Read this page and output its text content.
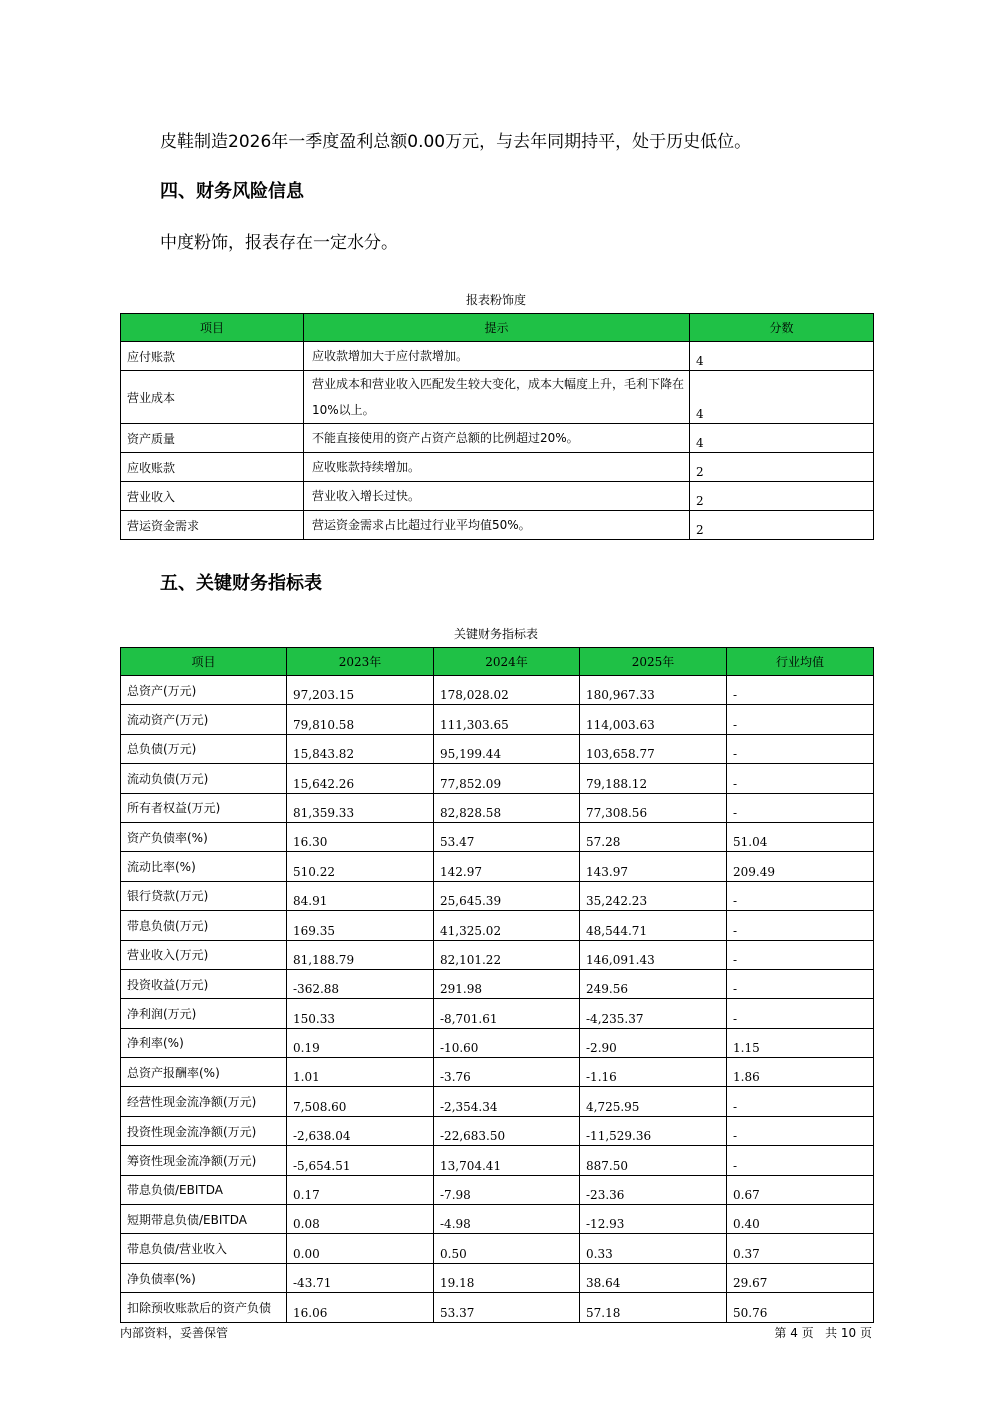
皮鞋制造2026年一季度盈利总额0.00万元，与去年同期持平，处于历史低位。
四、财务风险信息
中度粉饰，报表存在一定水分。
报表粉饰度
项目	提示	分数
应付账款	应收款增加大于应付款增加。	4
营业成本	营业成本和营业收入匹配发生较大变化，成本大幅度上升，毛利下降在10%以上。	4
资产质量	不能直接使用的资产占资产总额的比例超过20%。	4
应收账款	应收账款持续增加。	2
营业收入	营业收入增长过快。	2
营运资金需求	营运资金需求占比超过行业平均值50%。	2
五、关键财务指标表
关键财务指标表
项目	2023年	2024年	2025年	行业均值
总资产(万元)	97,203.15	178,028.02	180,967.33	-
流动资产(万元)	79,810.58	111,303.65	114,003.63	-
总负债(万元)	15,843.82	95,199.44	103,658.77	-
流动负债(万元)	15,642.26	77,852.09	79,188.12	-
所有者权益(万元)	81,359.33	82,828.58	77,308.56	-
资产负债率(%)	16.30	53.47	57.28	51.04
流动比率(%)	510.22	142.97	143.97	209.49
银行贷款(万元)	84.91	25,645.39	35,242.23	-
带息负债(万元)	169.35	41,325.02	48,544.71	-
营业收入(万元)	81,188.79	82,101.22	146,091.43	-
投资收益(万元)	-362.88	291.98	249.56	-
净利润(万元)	150.33	-8,701.61	-4,235.37	-
净利率(%)	0.19	-10.60	-2.90	1.15
总资产报酬率(%)	1.01	-3.76	-1.16	1.86
经营性现金流净额(万元)	7,508.60	-2,354.34	4,725.95	-
投资性现金流净额(万元)	-2,638.04	-22,683.50	-11,529.36	-
筹资性现金流净额(万元)	-5,654.51	13,704.41	887.50	-
带息负债/EBITDA	0.17	-7.98	-23.36	0.67
短期带息负债/EBITDA	0.08	-4.98	-12.93	0.40
带息负债/营业收入	0.00	0.50	0.33	0.37
净负债率(%)	-43.71	19.18	38.64	29.67
扣除预收账款后的资产负债	16.06	53.37	57.18	50.76
内部资料，妥善保管	第 4 页   共 10 页
